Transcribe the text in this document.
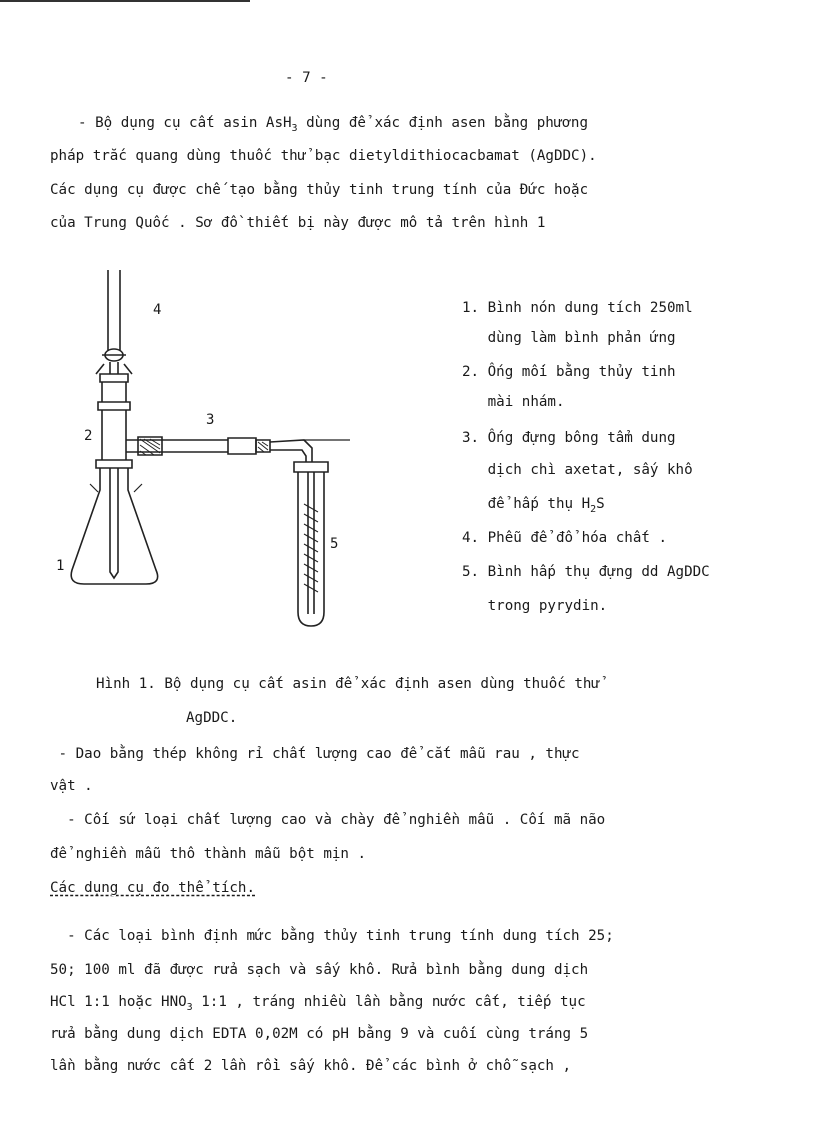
- 7 -
- Bộ dụng cụ cất asin AsH$_3$ dùng để xác định asen bằng phương
pháp trắc quang dùng thuốc thử bạc dietyldithiocacbamat (AgDDC).
Các dụng cụ được chế tạo bằng thủy tinh trung tính của Đức hoặc
của Trung Quốc . Sơ đồ thiết bị này được mô tả trên hình 1
4
2
3
1
5
1. Bình nón dung tích 250ml
dùng làm bình phản ứng
2. Ống mối bằng thủy tinh
mài nhám.
3. Ống đựng bông tẩm dung
dịch chì axetat, sấy khô
để hấp thụ $H_2S$
4. Phễu để đổ hóa chất .
5. Bình hấp thụ đựng dd AgDDC
trong pyrydin.
Hình 1. Bộ dụng cụ cất asin để xác định asen dùng thuốc thử
AgDDC.
- Dao bằng thép không rỉ chất lượng cao để cắt mẫu rau , thực
vật .
- Cối sứ loại chất lượng cao và chày để nghiền mẫu . Cối mã não
để nghiền mẫu thô thành mẫu bột mịn .
Các dụng cụ đo thể tích.
- Các loại bình định mức bằng thủy tinh trung tính dung tích 25;
50; 100 ml đã được rửa sạch và sấy khô. Rửa bình bằng dung dịch
HCl 1:1 hoặc $HNO_3$ 1:1 , tráng nhiều lần bằng nước cất, tiếp tục
rửa bằng dung dịch EDTA 0,02M có pH bằng 9 và cuối cùng tráng 5
lần bằng nước cất 2 lần rồi sấy khô. Để các bình ở chỗ sạch ,
